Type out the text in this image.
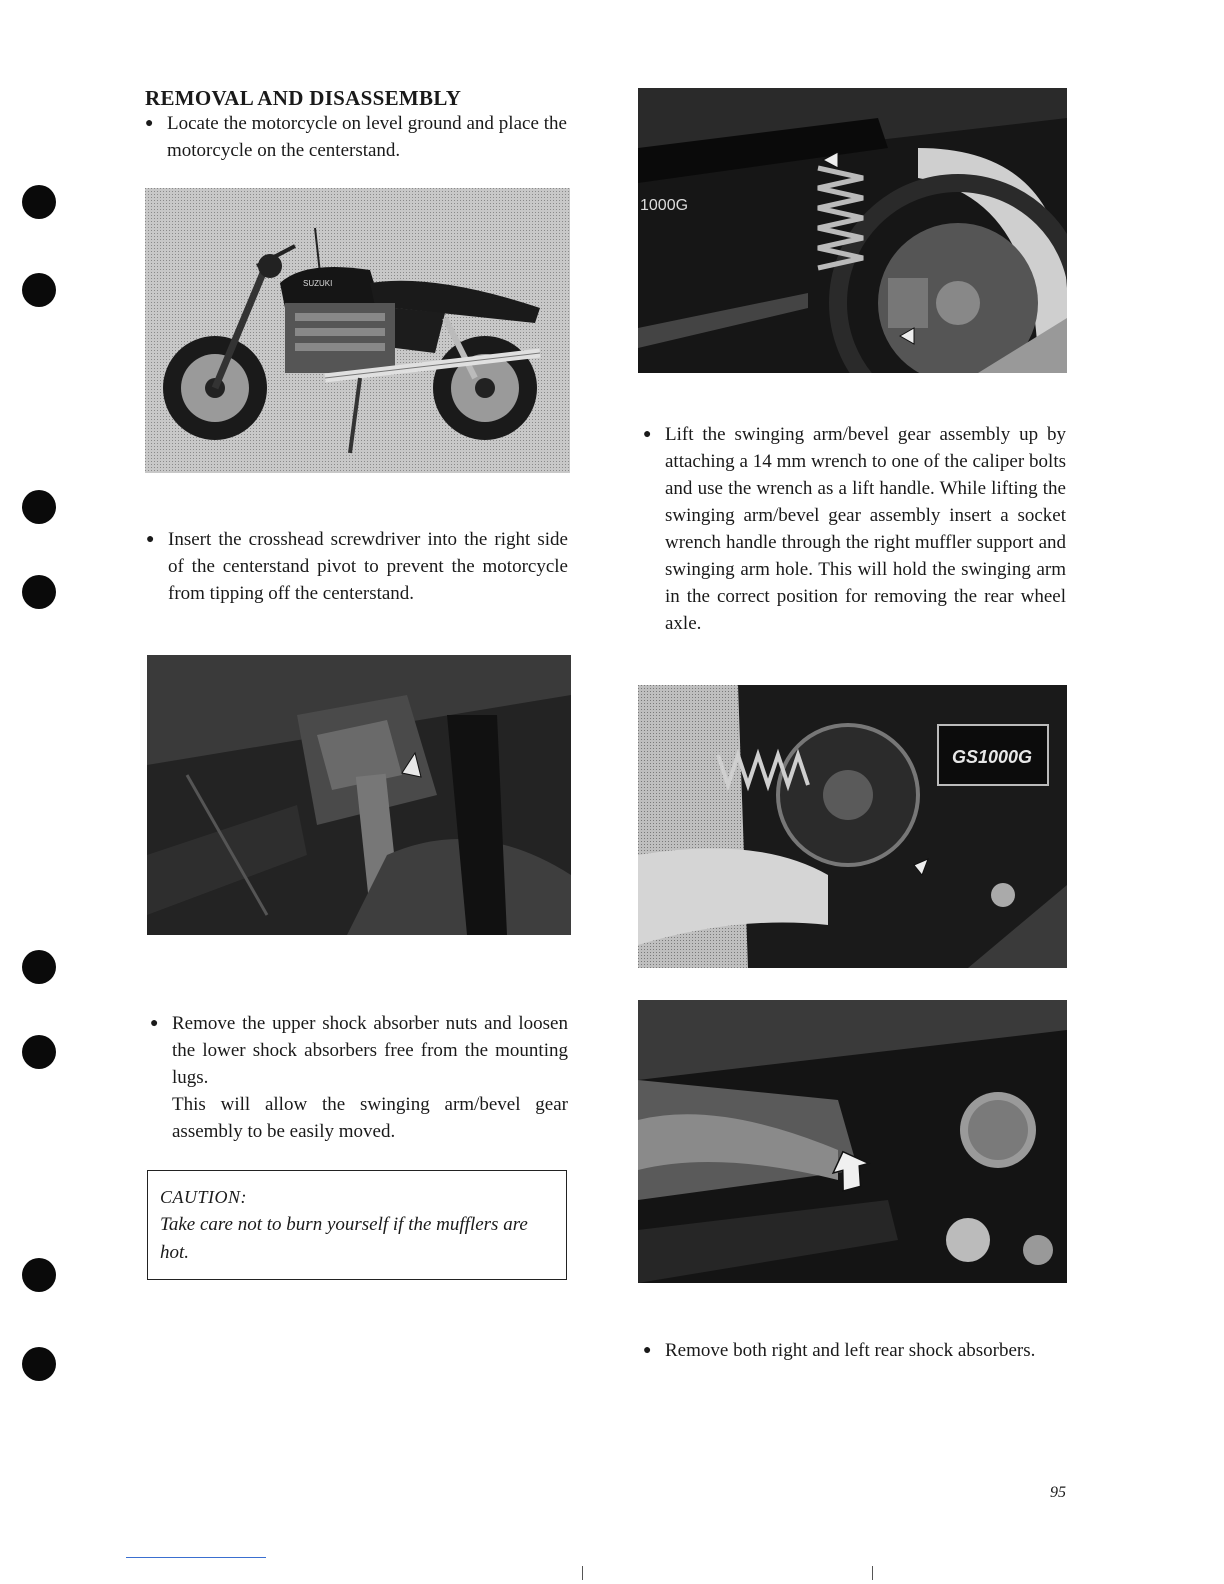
REMOVAL AND DISASSEMBLY
● Locate the motorcycle on level ground and place the motorcycle on the centerstand.

SUZUKI
● Insert the crosshead screwdriver into the right side of the centerstand pivot to prevent the motorcycle from tipping off the centerstand.

● Remove the upper shock absorber nuts and loosen the lower shock absorbers free from the mounting lugs.

This will allow the swinging arm/bevel gear assembly to be easily moved.

CAUTION:
Take care not to burn yourself if the mufflers are hot.
1000G
● Lift the swinging arm/bevel gear assembly up by attaching a 14 mm wrench to one of the caliper bolts and use the wrench as a lift handle. While lifting the swinging arm/bevel gear assembly insert a socket wrench handle through the right muffler support and swinging arm hole. This will hold the swinging arm in the correct position for removing the rear wheel axle.

GS1000G
● Remove both right and left rear shock absorbers.

95
